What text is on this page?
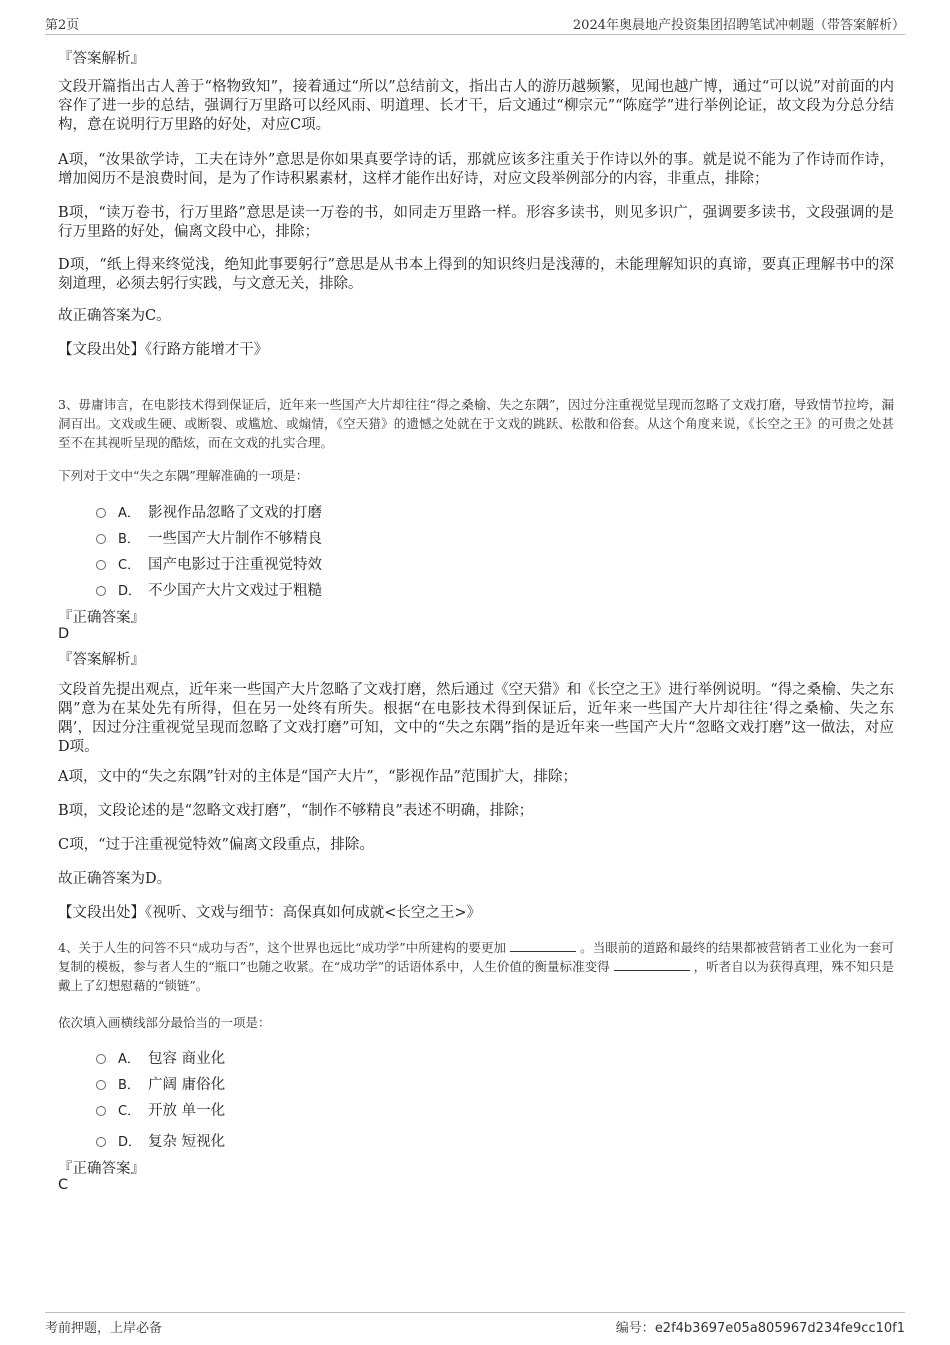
第2页	2024年奥晨地产投资集团招聘笔试冲刺题（带答案解析）

『答案解析』

文段开篇指出古人善于“格物致知”，接着通过“所以”总结前文，指出古人的游历越频繁，见闻也越广博，通过“可以说”对前面的内容作了进一步的总结，强调行万里路可以经风雨、明道理、长才干，后文通过“柳宗元”“陈庭学”进行举例论证，故文段为分总分结构，意在说明行万里路的好处，对应C项。

A项，“汝果欲学诗，工夫在诗外”意思是你如果真要学诗的话，那就应该多注重关于作诗以外的事。就是说不能为了作诗而作诗，增加阅历不是浪费时间，是为了作诗积累素材，这样才能作出好诗，对应文段举例部分的内容，非重点，排除；

B项，“读万卷书，行万里路”意思是读一万卷的书，如同走万里路一样。形容多读书，则见多识广，强调要多读书，文段强调的是行万里路的好处，偏离文段中心，排除；

D项，“纸上得来终觉浅，绝知此事要躬行”意思是从书本上得到的知识终归是浅薄的，未能理解知识的真谛，要真正理解书中的深刻道理，必须去躬行实践，与文意无关，排除。

故正确答案为C。

【文段出处】《行路方能增才干》

3、毋庸讳言，在电影技术得到保证后，近年来一些国产大片却往往“得之桑榆、失之东隅”，因过分注重视觉呈现而忽略了文戏打磨，导致情节拉垮，漏洞百出。文戏或生硬、或断裂、或尴尬、或煽情，《空天猎》的遗憾之处就在于文戏的跳跃、松散和俗套。从这个角度来说，《长空之王》的可贵之处甚至不在其视听呈现的酷炫，而在文戏的扎实合理。

下列对于文中“失之东隅”理解准确的一项是：

A． 影视作品忽略了文戏的打磨
B． 一些国产大片制作不够精良
C． 国产电影过于注重视觉特效
D． 不少国产大片文戏过于粗糙

『正确答案』

D

『答案解析』

文段首先提出观点，近年来一些国产大片忽略了文戏打磨，然后通过《空天猎》和《长空之王》进行举例说明。“得之桑榆、失之东隅”意为在某处先有所得，但在另一处终有所失。根据“在电影技术得到保证后，近年来一些国产大片却往往‘得之桑榆、失之东隅’，因过分注重视觉呈现而忽略了文戏打磨”可知，文中的“失之东隅”指的是近年来一些国产大片“忽略文戏打磨”这一做法，对应D项。

A项，文中的“失之东隅”针对的主体是“国产大片”，“影视作品”范围扩大，排除；

B项，文段论述的是“忽略文戏打磨”，“制作不够精良”表述不明确，排除；

C项，“过于注重视觉特效”偏离文段重点，排除。

故正确答案为D。

【文段出处】《视听、文戏与细节：高保真如何成就<长空之王>》

4、关于人生的问答不只“成功与否”，这个世界也远比“成功学”中所建构的要更加	。当眼前的道路和最终的结果都被营销者工业化为一套可复制的模板，参与者人生的“瓶口”也随之收紧。在“成功学”的话语体系中，人生价值的衡量标准变得	，听者自以为获得真理，殊不知只是戴上了幻想慰藉的“锁链”。

依次填入画横线部分最恰当的一项是：

A． 包容 商业化
B． 广阔 庸俗化
C． 开放 单一化
D． 复杂 短视化

『正确答案』

C

考前押题，上岸必备	编号：e2f4b3697e05a805967d234fe9cc10f1
